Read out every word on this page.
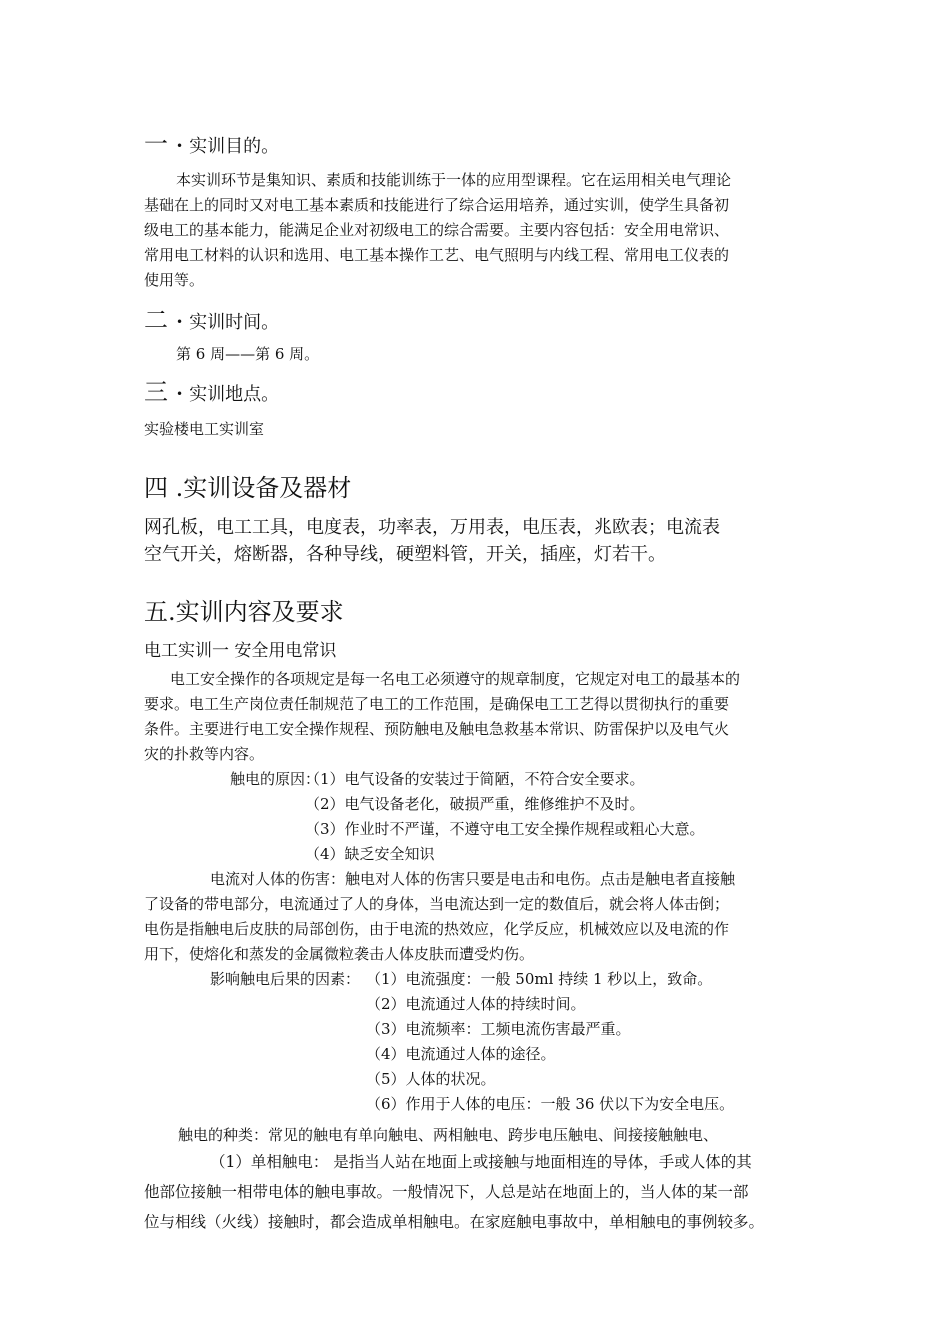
一 • 实训目的。
本实训环节是集知识、素质和技能训练于一体的应用型课程。它在运用相关电气理论
基础在上的同时又对电工基本素质和技能进行了综合运用培养，通过实训，使学生具备初
级电工的基本能力，能满足企业对初级电工的综合需要。主要内容包括：安全用电常识、
常用电工材料的认识和选用、电工基本操作工艺、电气照明与内线工程、常用电工仪表的
使用等。
二 • 实训时间。
第 6 周——第 6 周。
三 • 实训地点。
实验楼电工实训室
四 .实训设备及器材
网孔板，电工工具，电度表，功率表，万用表，电压表，兆欧表；电流表
空气开关，熔断器，各种导线，硬塑料管，开关，插座，灯若干。
五.实训内容及要求
电工实训一 安全用电常识
电工安全操作的各项规定是每一名电工必须遵守的规章制度，它规定对电工的最基本的
要求。电工生产岗位责任制规范了电工的工作范围，是确保电工工艺得以贯彻执行的重要
条件。主要进行电工安全操作规程、预防触电及触电急救基本常识、防雷保护以及电气火
灾的扑救等内容。
触电的原因：
（1）电气设备的安装过于简陋，不符合安全要求。
（2）电气设备老化，破损严重，维修维护不及时。
（3）作业时不严谨，不遵守电工安全操作规程或粗心大意。
（4）缺乏安全知识
电流对人体的伤害：触电对人体的伤害只要是电击和电伤。点击是触电者直接触
了设备的带电部分，电流通过了人的身体，当电流达到一定的数值后，就会将人体击倒；
电伤是指触电后皮肤的局部创伤，由于电流的热效应，化学反应，机械效应以及电流的作
用下，使熔化和蒸发的金属微粒袭击人体皮肤而遭受灼伤。
影响触电后果的因素： （1）电流强度：一般 50ml 持续 1 秒以上，致命。
（2）电流通过人体的持续时间。
（3）电流频率：工频电流伤害最严重。
（4）电流通过人体的途径。
（5）人体的状况。
（6）作用于人体的电压：一般 36 伏以下为安全电压。
触电的种类：常见的触电有单向触电、两相触电、跨步电压触电、间接接触触电、
（1）单相触电： 是指当人站在地面上或接触与地面相连的导体，手或人体的其
他部位接触一相带电体的触电事故。一般情况下，人总是站在地面上的，当人体的某一部
位与相线（火线）接触时，都会造成单相触电。在家庭触电事故中，单相触电的事例较多。
